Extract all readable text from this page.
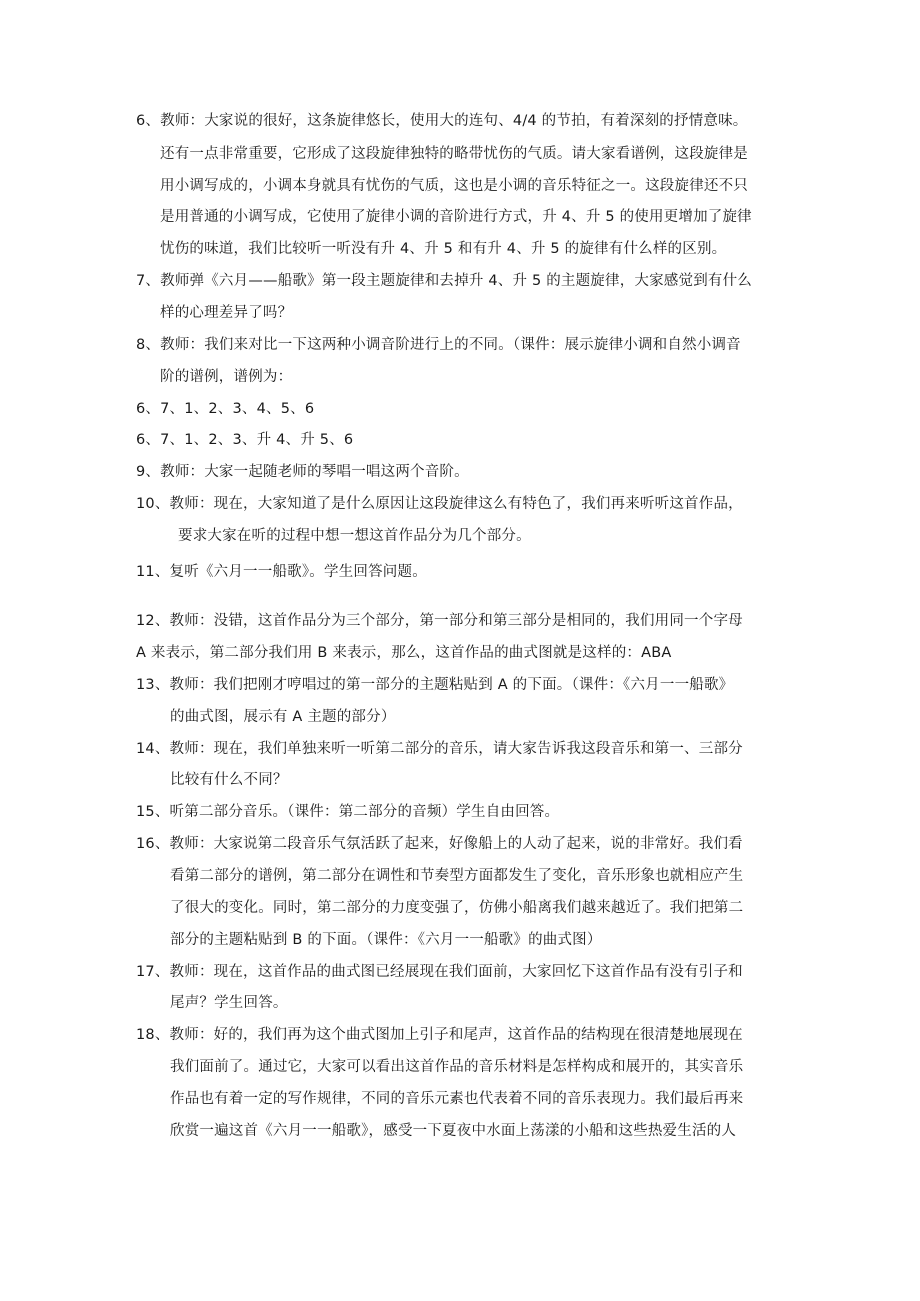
6、教师：大家说的很好，这条旋律悠长，使用大的连句、4/4 的节拍，有着深刻的抒情意味。
还有一点非常重要，它形成了这段旋律独特的略带忧伤的气质。请大家看谱例，这段旋律是
用小调写成的，小调本身就具有忧伤的气质，这也是小调的音乐特征之一。这段旋律还不只
是用普通的小调写成，它使用了旋律小调的音阶进行方式，升 4、升 5 的使用更增加了旋律
忧伤的味道，我们比较听一听没有升 4、升 5 和有升 4、升 5 的旋律有什么样的区别。
7、教师弹《六月——船歌》第一段主题旋律和去掉升 4、升 5 的主题旋律，大家感觉到有什么
样的心理差异了吗？
8、教师：我们来对比一下这两种小调音阶进行上的不同。（课件：展示旋律小调和自然小调音
阶的谱例，谱例为：
6、7、1、2、3、4、5、6
6、7、1、2、3、升 4、升 5、6
9、教师：大家一起随老师的琴唱一唱这两个音阶。
10、教师：现在，大家知道了是什么原因让这段旋律这么有特色了，我们再来听听这首作品，
要求大家在听的过程中想一想这首作品分为几个部分。
11、复听《六月一一船歌》。学生回答问题。
12、教师：没错，这首作品分为三个部分，第一部分和第三部分是相同的，我们用同一个字母
A 来表示，第二部分我们用 B 来表示，那么，这首作品的曲式图就是这样的：ABA
13、教师：我们把刚才哼唱过的第一部分的主题粘贴到 A 的下面。（课件：《六月一一船歌》
的曲式图，展示有 A 主题的部分）
14、教师：现在，我们单独来听一听第二部分的音乐，请大家告诉我这段音乐和第一、三部分
比较有什么不同？
15、听第二部分音乐。（课件：第二部分的音频）学生自由回答。
16、教师：大家说第二段音乐气氛活跃了起来，好像船上的人动了起来，说的非常好。我们看
看第二部分的谱例，第二部分在调性和节奏型方面都发生了变化，音乐形象也就相应产生
了很大的变化。同时，第二部分的力度变强了，仿佛小船离我们越来越近了。我们把第二
部分的主题粘贴到 B 的下面。（课件：《六月一一船歌》的曲式图）
17、教师：现在，这首作品的曲式图已经展现在我们面前，大家回忆下这首作品有没有引子和
尾声？学生回答。
18、教师：好的，我们再为这个曲式图加上引子和尾声，这首作品的结构现在很清楚地展现在
我们面前了。通过它，大家可以看出这首作品的音乐材料是怎样构成和展开的，其实音乐
作品也有着一定的写作规律，不同的音乐元素也代表着不同的音乐表现力。我们最后再来
欣赏一遍这首《六月一一船歌》，感受一下夏夜中水面上荡漾的小船和这些热爱生活的人
